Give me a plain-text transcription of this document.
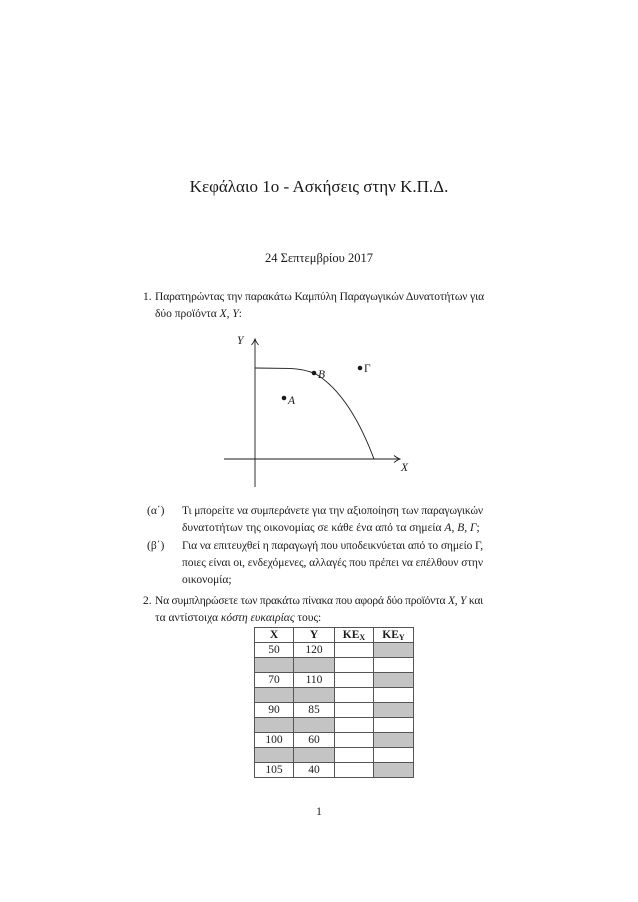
Κεφάλαιο 1ο - Ασκήσεις στην Κ.Π.Δ.
24 Σεπτεμβρίου 2017
1. Παρατηρώντας την παρακάτω Καμπύλη Παραγωγικών Δυνατοτήτων για
δύο προϊόντα X, Y:
Y
X
A
B	Γ
(α΄) Τι μπορείτε να συμπεράνετε για την αξιοποίηση των παραγωγικών
δυνατοτήτων της οικονομίας σε κάθε ένα από τα σημεία A, B, Γ;
(β΄) Για να επιτευχθεί η παραγωγή που υποδεικνύεται από το σημείο Γ,
ποιες είναι οι, ενδεχόμενες, αλλαγές που πρέπει να επέλθουν στην
οικονομία;
2. Να συμπληρώσετε των πρακάτω πίνακα που αφορά δύο προϊόντα X, Y και
τα αντίστοιχα κόστη ευκαιρίας τους:
X	Y	$KE_X$	$KE_Y$
50	120		

70	110		

90	85		

100	60		

105	40		
1
